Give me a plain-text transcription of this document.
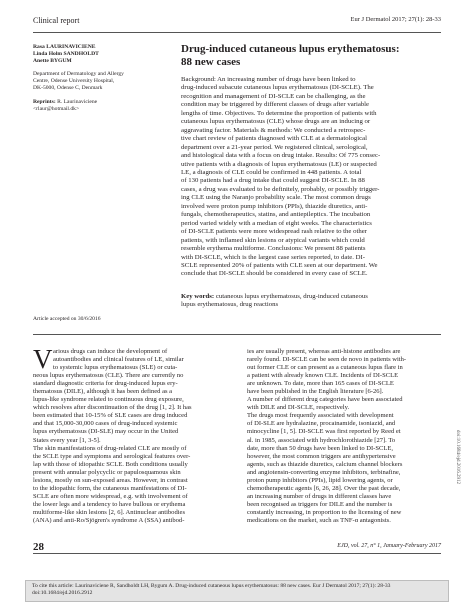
Clinical report	Eur J Dermatol 2017; 27(1): 28-33
Rasa LAURINAVICIENE
Linda Holm SANDHOLDT
Anette BYGUM
Department of Dermatology and Allergy
Centre, Odense University Hospital,
DK-5000, Odense C, Denmark
Reprints: R. Laurinaviciene
<rlaur@hotmail.dk>
Drug-induced cutaneous lupus erythematosus:
88 new cases
Background: An increasing number of drugs have been linked to
drug-induced subacute cutaneous lupus erythematosus (DI-SCLE). The
recognition and management of DI-SCLE can be challenging, as the
condition may be triggered by different classes of drugs after variable
lengths of time. Objectives. To determine the proportion of patients with
cutaneous lupus erythematosus (CLE) whose drugs are an inducing or
aggravating factor. Materials & methods: We conducted a retrospec-
tive chart review of patients diagnosed with CLE at a dermatological
department over a 21-year period. We registered clinical, serological,
and histological data with a focus on drug intake. Results: Of 775 consec-
utive patients with a diagnosis of lupus erythematosus (LE) or suspected
LE, a diagnosis of CLE could be confirmed in 448 patients. A total
of 130 patients had a drug intake that could suggest DI-SCLE. In 88
cases, a drug was evaluated to be definitely, probably, or possibly trigger-
ing CLE using the Naranjo probability scale. The most common drugs
involved were proton pump inhibitors (PPIs), thiazide diuretics, anti-
fungals, chemotherapeutics, statins, and antiepileptics. The incubation
period varied widely with a median of eight weeks. The characteristics
of DI-SCLE patients were more widespread rash relative to the other
patients, with inflamed skin lesions or atypical variants which could
resemble erythema multiforme. Conclusions: We present 88 patients
with DI-SCLE, which is the largest case series reported, to date. DI-
SCLE represented 20% of patients with CLE seen at our department. We
conclude that DI-SCLE should be considered in every case of SCLE.
Key words: cutaneous lupus erythematosus, drug-induced cutaneous
lupus erythematosus, drug reactions
Article accepted on 30/6/2016
V arious drugs can induce the development of
autoantibodies and clinical features of LE, similar
to systemic lupus erythematosus (SLE) or cuta-
neous lupus erythematosus (CLE). There are currently no
standard diagnostic criteria for drug-induced lupus ery-
thematosus (DILE), although it has been defined as a
lupus-like syndrome related to continuous drug exposure,
which resolves after discontinuation of the drug [1, 2]. It has
been estimated that 10-15% of SLE cases are drug induced
and that 15,000-30,000 cases of drug-induced systemic
lupus erythematosus (DI-SLE) may occur in the United
States every year [1, 3-5].
The skin manifestations of drug-related CLE are mostly of
the SCLE type and symptoms and serological features over-
lap with those of idiopathic SCLE. Both conditions usually
present with annular polycyclic or papulosquamous skin
lesions, mostly on sun-exposed areas. However, in contrast
to the idiopathic form, the cutaneous manifestations of DI-
SCLE are often more widespread, e.g. with involvement of
the lower legs and a tendency to have bullous or erythema
multiforme-like skin lesions [2, 6]. Antinuclear antibodies
(ANA) and anti-Ro/Sjögren's syndrome A (SSA) antibod-
ies are usually present, whereas anti-histone antibodies are
rarely found. DI-SCLE can be seen de novo in patients with-
out former CLE or can present as a cutaneous lupus flare in
a patient with already known CLE. Incidents of DI-SCLE
are unknown. To date, more than 165 cases of DI-SCLE
have been published in the English literature [6-26].
A number of different drug categories have been associated
with DILE and DI-SCLE, respectively.
The drugs most frequently associated with development
of DI-SLE are hydralazine, procainamide, isoniazid, and
minocycline [1, 5]. DI-SCLE was first reported by Reed et
al. in 1985, associated with hydrochlorothiazide [27]. To
date, more than 50 drugs have been linked to DI-SCLE,
however, the most common triggers are antihypertensive
agents, such as thiazide diuretics, calcium channel blockers
and angiotensin-converting enzyme inhibitors, terbinafine,
proton pump inhibitors (PPIs), lipid lowering agents, or
chemotherapeutic agents [6, 26, 28]. Over the past decade,
an increasing number of drugs in different classes have
been recognised as triggers for DILE and the number is
constantly increasing, in proportion to the licensing of new
medications on the market, such as TNF-α antagonists.
doi:10.1684/ejd.2016.2912
28	EJD, vol. 27, n° 1, January-February 2017
To cite this article: Laurinaviciene R, Sandholdt LH, Bygum A. Drug-induced cutaneous lupus erythematosus: 88 new cases. Eur J Dermatol 2017; 27(1): 28-33
doi:10.1684/ejd.2016.2912
